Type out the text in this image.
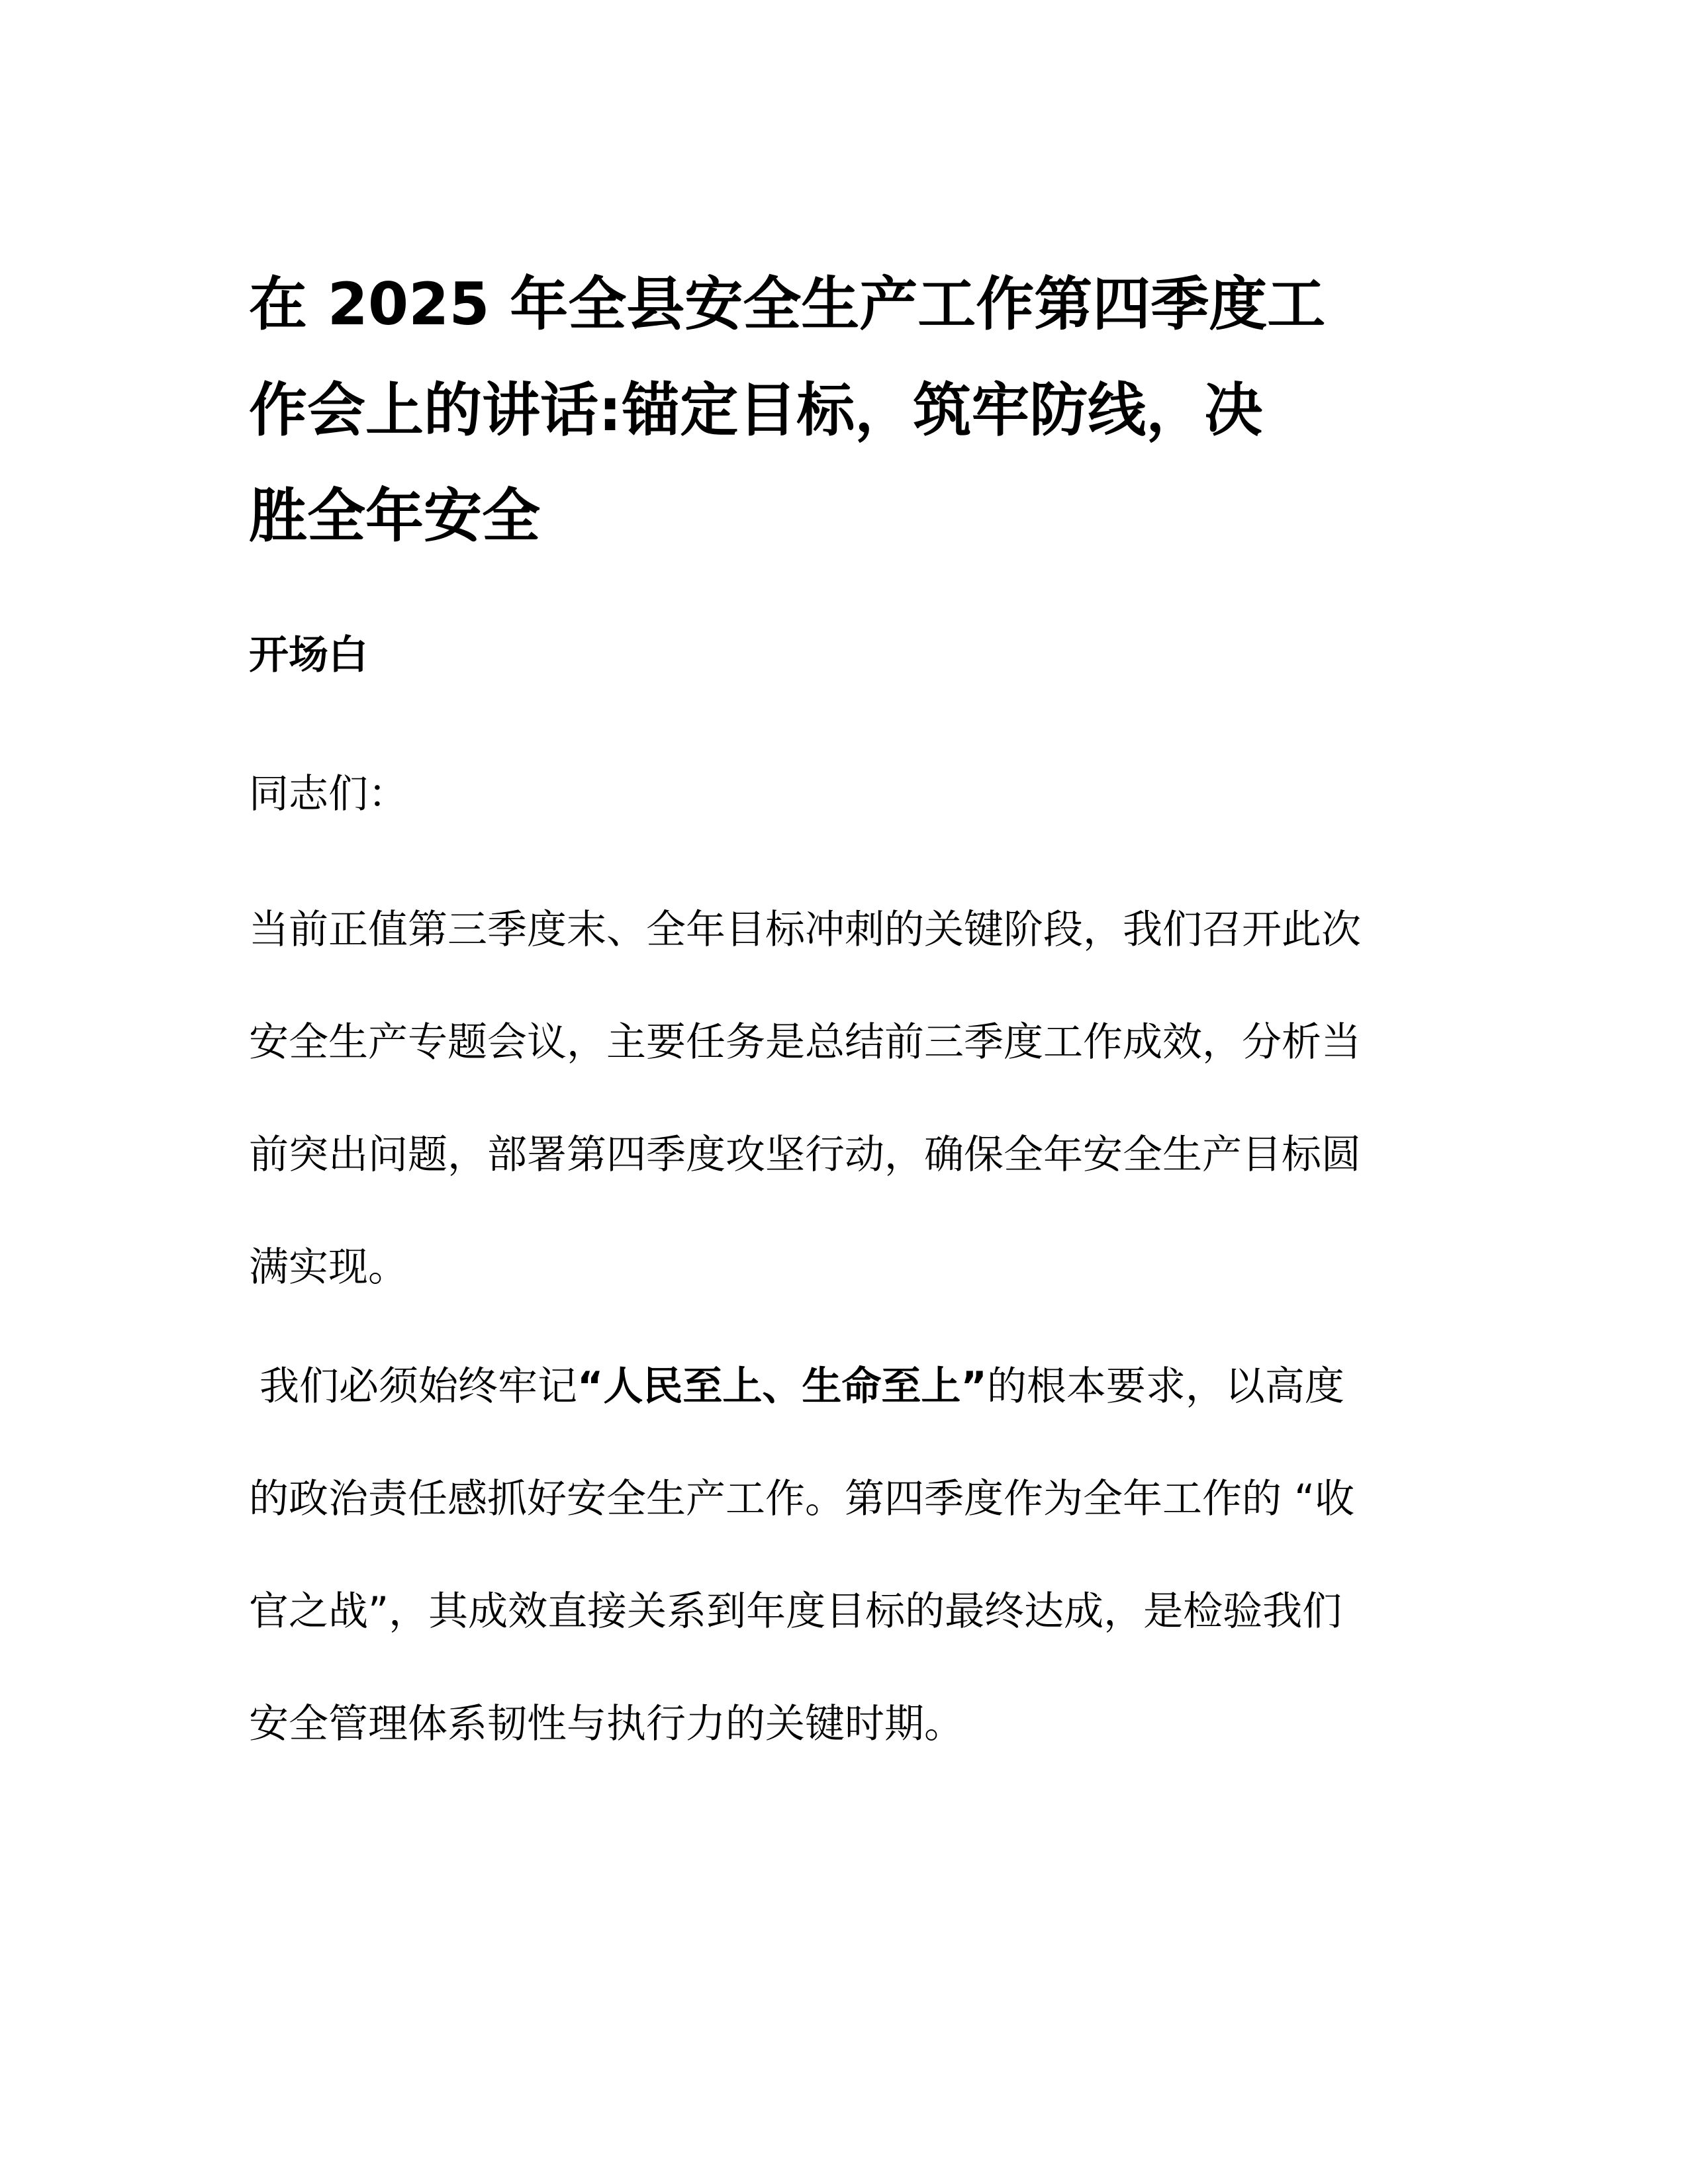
在 2025 年全县安全生产工作第四季度工
作会上的讲话:锚定目标，筑牢防线，决
胜全年安全
开场白

同志们：

当前正值第三季度末、全年目标冲刺的关键阶段，我们召开此次
安全生产专题会议，主要任务是总结前三季度工作成效，分析当
前突出问题，部署第四季度攻坚行动，确保全年安全生产目标圆
满实现。

我们必须始终牢记“人民至上、生命至上”的根本要求，以高度
的政治责任感抓好安全生产工作。第四季度作为全年工作的 “收
官之战”，其成效直接关系到年度目标的最终达成，是检验我们
安全管理体系韧性与执行力的关键时期。
